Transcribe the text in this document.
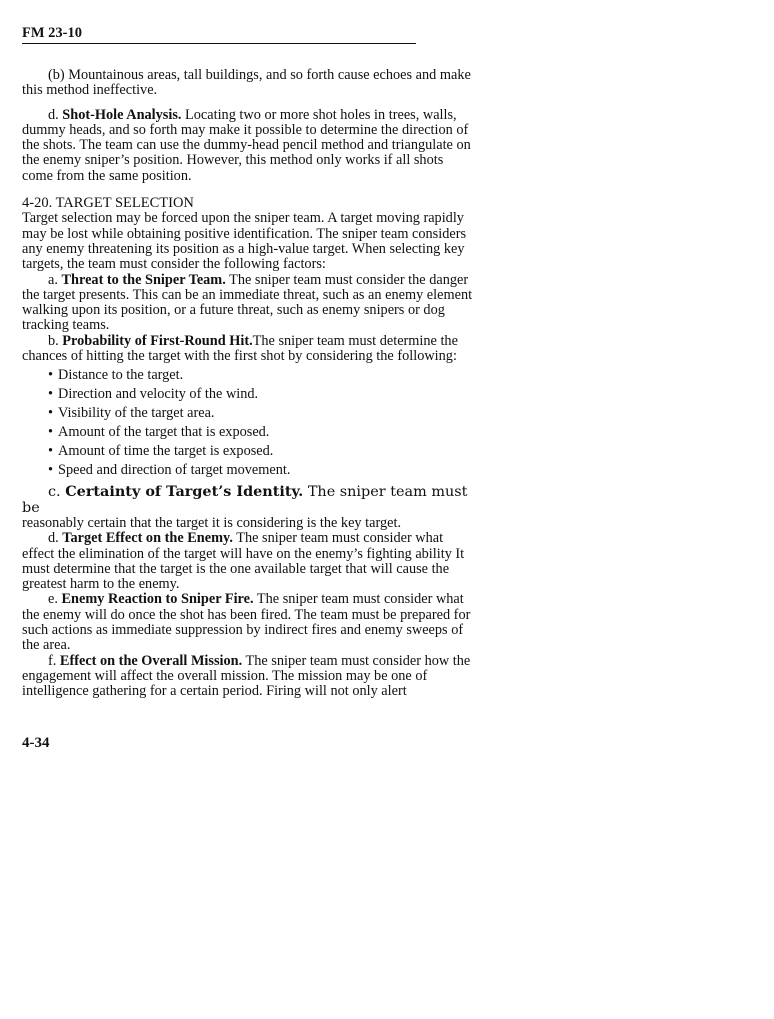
FM 23-10

(b) Mountainous areas, tall buildings, and so forth cause echoes and make this method ineffective.

d. Shot-Hole Analysis. Locating two or more shot holes in trees, walls, dummy heads, and so forth may make it possible to determine the direction of the shots. The team can use the dummy-head pencil method and triangulate on the enemy sniper’s position. However, this method only works if all shots come from the same position.

4-20. TARGET SELECTION

Target selection may be forced upon the sniper team. A target moving rapidly may be lost while obtaining positive identification. The sniper team considers any enemy threatening its position as a high-value target. When selecting key targets, the team must consider the following factors:

a. Threat to the Sniper Team. The sniper team must consider the danger the target presents. This can be an immediate threat, such as an enemy element walking upon its position, or a future threat, such as enemy snipers or dog tracking teams.

b. Probability of First-Round Hit.The sniper team must determine the chances of hitting the target with the first shot by considering the following:

• Distance to the target.
• Direction and velocity of the wind.
• Visibility of the target area.
• Amount of the target that is exposed.
• Amount of time the target is exposed.
• Speed and direction of target movement.

c. Certainty of Target’s Identity. The sniper team must be
reasonably certain that the target it is considering is the key target.

d. Target Effect on the Enemy. The sniper team must consider what effect the elimination of the target will have on the enemy’s fighting ability It must determine that the target is the one available target that will cause the greatest harm to the enemy.

e. Enemy Reaction to Sniper Fire. The sniper team must consider what the enemy will do once the shot has been fired. The team must be prepared for such actions as immediate suppression by indirect fires and enemy sweeps of the area.

f. Effect on the Overall Mission. The sniper team must consider how the engagement will affect the overall mission. The mission may be one of intelligence gathering for a certain period. Firing will not only alert

4-34
